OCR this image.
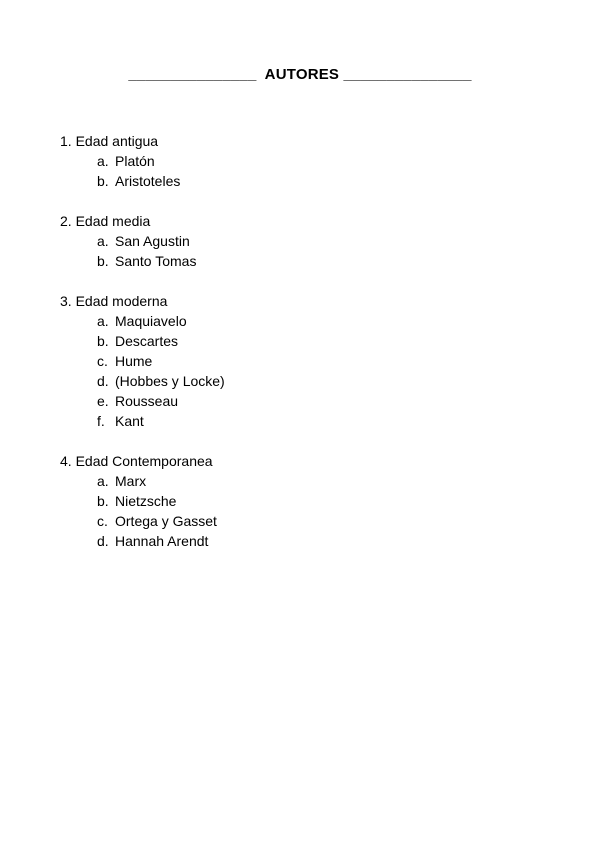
_______________  AUTORES _______________
1. Edad antigua
a. Platón
b. Aristoteles
2. Edad media
a. San Agustin
b. Santo Tomas
3. Edad moderna
a. Maquiavelo
b. Descartes
c. Hume
d. (Hobbes y Locke)
e. Rousseau
f. Kant
4. Edad Contemporanea
a. Marx
b. Nietzsche
c. Ortega y Gasset
d. Hannah Arendt
